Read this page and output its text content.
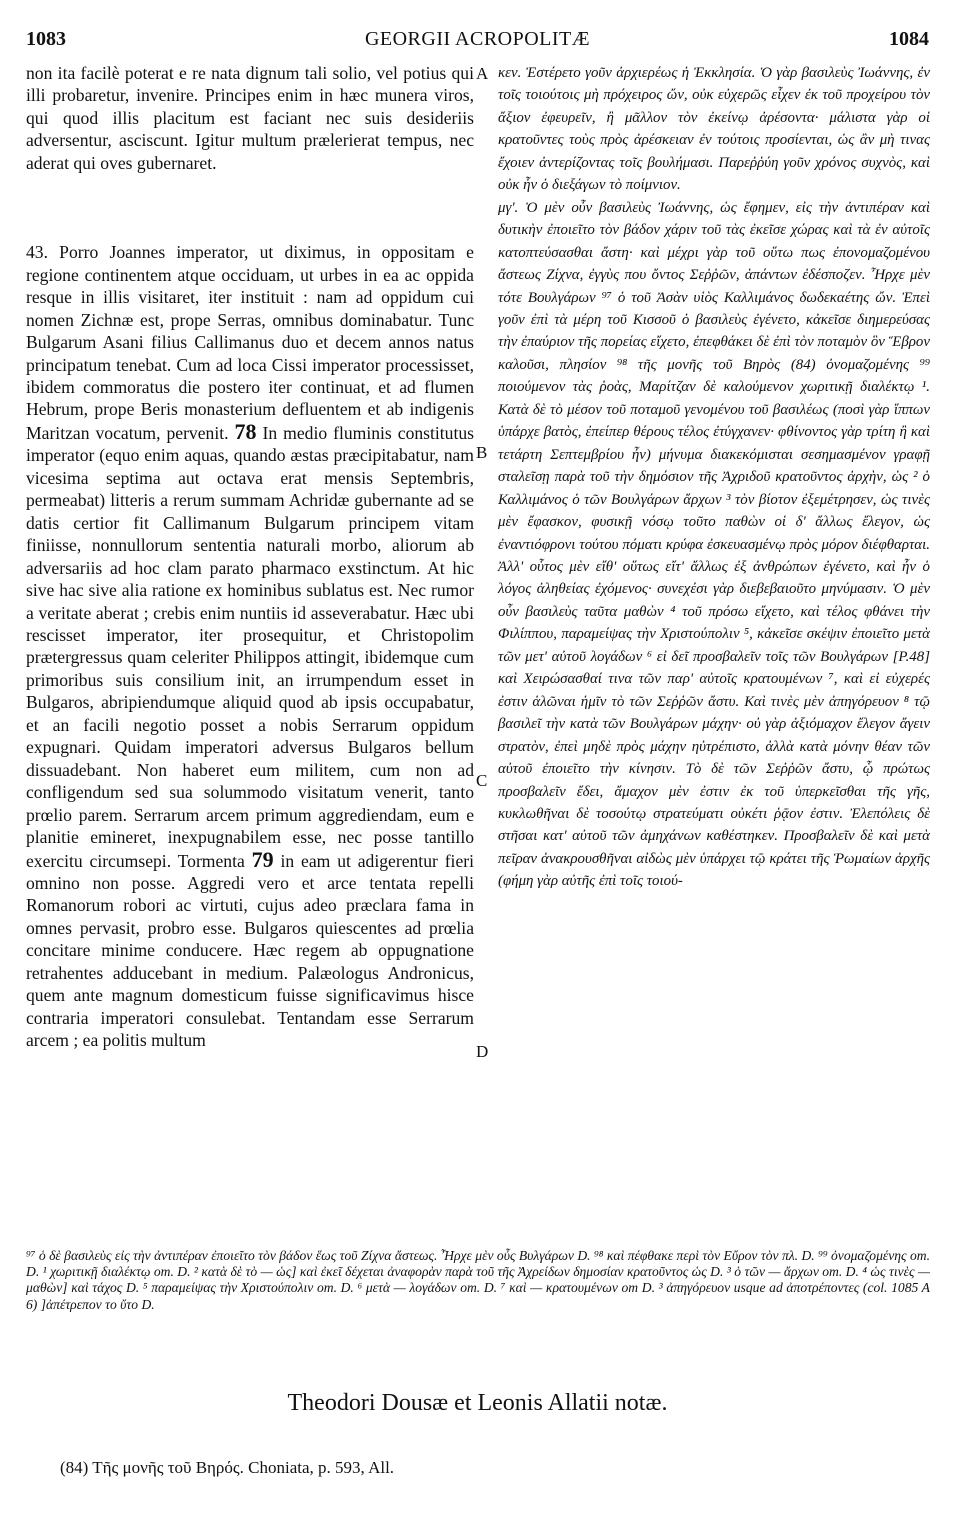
1083	GEORGII ACROPOLITÆ	1084

non ita facilè poterat e re nata dignum tali solio, vel potius qui illi probaretur, invenire. Principes enim in hæc munera viros, qui quod illis placitum est faciant nec suis desideriis adversentur, asciscunt. Igitur multum prælerierat tempus, nec aderat qui oves gubernaret.

43. Porro Joannes imperator, ut diximus, in oppositam e regione continentem atque occiduam, ut urbes in ea ac oppida resque in illis visitaret, iter instituit : nam ad oppidum cui nomen Zichnæ est, prope Serras, omnibus dominabatur. Tunc Bulgarum Asani filius Callimanus duo et decem annos natus principatum tenebat. Cum ad loca Cissi imperator processisset, ibidem commoratus die postero iter continuat, et ad flumen Hebrum, prope Beris monasterium defluentem et ab indigenis Maritzan vocatum, pervenit. 78 In medio fluminis constitutus imperator (equo enim aquas, quando æstas præcipitabatur, nam vicesima septima aut octava erat mensis Septembris, permeabat) litteris a rerum summam Achridæ gubernante ad se datis certior fit Callimanum Bulgarum principem vitam finiisse, nonnullorum sententia naturali morbo, aliorum ab adversariis ad hoc clam parato pharmaco exstinctum. At hic sive hac sive alia ratione ex hominibus sublatus est. Nec rumor a veritate aberat ; crebis enim nuntiis id asseverabatur. Hæc ubi rescisset imperator, iter prosequitur, et Christopolim prætergressus quam celeriter Philippos attingit, ibidemque cum primoribus suis consilium init, an irrumpendum esset in Bulgaros, abripiendumque aliquid quod ab ipsis occupabatur, et an facili negotio posset a nobis Serrarum oppidum expugnari. Quidam imperatori adversus Bulgaros bellum dissuadebant. Non haberet eum militem, cum non ad confligendum sed sua solummodo visitatum venerit, tanto prœlio parem. Serrarum arcem primum aggrediendam, eum e planitie emineret, inexpugnabilem esse, nec posse tantillo exercitu circumsepi. Tormenta 79 in eam ut adigerentur fieri omnino non posse. Aggredi vero et arce tentata repelli Romanorum robori ac virtuti, cujus adeo præclara fama in omnes pervasit, probro esse. Bulgaros quiescentes ad prœlia concitare minime conducere. Hæc regem ab oppugnatione retrahentes adducebant in medium. Palæologus Andronicus, quem ante magnum domesticum fuisse significavimus hisce contraria imperatori consulebat. Tentandam esse Serrarum arcem ; ea politis multum

A
B
C
D

κεν. Ἐστέρετο γοῦν ἀρχιερέως ἡ Ἐκκλησία. Ὁ γὰρ βασιλεὺς Ἰωάννης, ἐν τοῖς τοιούτοις μὴ πρόχειρος ὤν, οὐκ εὐχερῶς εἶχεν ἐκ τοῦ προχείρου τὸν ἄξιον ἐφευρεῖν, ἢ μᾶλλον τὸν ἐκείνῳ ἀρέσοντα· μάλιστα γὰρ οἱ κρατοῦντες τοὺς πρὸς ἀρέσκειαν ἐν τούτοις προσίενται, ὡς ἂν μὴ τινας ἔχοιεν ἀντερίζοντας τοῖς βουλήμασι. Παρεῤῥύη γοῦν χρόνος συχνὸς, καὶ οὐκ ἦν ὁ διεξάγων τὸ ποίμνιον.

μγʹ. Ὁ μὲν οὖν βασιλεὺς Ἰωάννης, ὡς ἔφημεν, εἰς τὴν ἀντιπέραν καὶ δυτικὴν ἐποιεῖτο τὸν βάδον χάριν τοῦ τὰς ἐκεῖσε χώρας καὶ τὰ ἐν αὐτοῖς κατοπτεύσασθαι ἄστη· καὶ μέχρι γὰρ τοῦ οὕτω πως ἐπονομαζομένου ἄστεως Ζίχνα, ἐγγὺς που ὄντος Σεῤῥῶν, ἁπάντων ἐδέσποζεν. Ἦρχε μὲν τότε Βουλγάρων ⁹⁷ ὁ τοῦ Ἀσὰν υἱὸς Καλλιμάνος δωδεκαέτης ὤν. Ἐπεὶ γοῦν ἐπὶ τὰ μέρη τοῦ Κισσοῦ ὁ βασιλεὺς ἐγένετο, κἀκεῖσε διημερεύσας τὴν ἐπαύριον τῆς πορείας εἴχετο, ἐπεφθάκει δὲ ἐπὶ τὸν ποταμὸν ὃν Ἕβρον καλοῦσι, πλησίον ⁹⁸ τῆς μονῆς τοῦ Βηρὸς (84) ὀνομαζομένης ⁹⁹ ποιούμενον τὰς ῥοὰς, Μαρίτζαν δὲ καλούμενον χωριτικῇ διαλέκτῳ ¹. Κατὰ δὲ τὸ μέσον τοῦ ποταμοῦ γενομένου τοῦ βασιλέως (ποσὶ γὰρ ἵππων ὑπάρχε βατὸς, ἐπείπερ θέρους τέλος ἐτύγχανεν· φθίνοντος γὰρ τρίτη ἢ καὶ τετάρτη Σεπτεμβρίου ἦν) μήνυμα διακεκόμισται σεσημασμένον γραφῇ σταλεῖσῃ παρὰ τοῦ τὴν δημόσιον τῆς Ἀχριδοῦ κρατοῦντος ἀρχὴν, ὡς ² ὁ Καλλιμάνος ὁ τῶν Βουλγάρων ἄρχων ³ τὸν βίοτον ἐξεμέτρησεν, ὡς τινὲς μὲν ἔφασκον, φυσικῇ νόσῳ τοῦτο παθὼν οἱ δ' ἄλλως ἔλεγον, ὡς ἐναντιόφρονι τούτου πόματι κρύφα ἐσκευασμένῳ πρὸς μόρον διέφθαρται. Ἀλλ' οὗτος μὲν εἴθ' οὕτως εἴτ' ἄλλως ἐξ ἀνθρώπων ἐγένετο, καὶ ἦν ὁ λόγος ἀληθείας ἐχόμενος· συνεχέσι γὰρ διεβεβαιοῦτο μηνύμασιν. Ὁ μὲν οὖν βασιλεὺς ταῦτα μαθὼν ⁴ τοῦ πρόσω εἴχετο, καὶ τέλος φθάνει τὴν Φιλίππου, παραμείψας τὴν Χριστούπολιν ⁵, κἀκεῖσε σκέψιν ἐποιεῖτο μετὰ τῶν μετ' αὐτοῦ λογάδων ⁶ εἰ δεῖ προσβαλεῖν τοῖς τῶν Βουλγάρων [P.48] καὶ Χειρώσασθαί τινα τῶν παρ' αὐτοῖς κρατουμένων ⁷, καὶ εἰ εὐχερές ἐστιν ἁλῶναι ἡμῖν τὸ τῶν Σεῤῥῶν ἄστυ. Καὶ τινὲς μὲν ἀπηγόρευον ⁸ τῷ βασιλεῖ τὴν κατὰ τῶν Βουλγάρων μάχην· οὐ γὰρ ἀξιόμαχον ἔλεγον ἄγειν στρατὸν, ἐπεὶ μηδὲ πρὸς μάχην ηὐτρέπιστο, ἀλλὰ κατὰ μόνην θέαν τῶν αὐτοῦ ἐποιεῖτο τὴν κίνησιν. Τὸ δὲ τῶν Σεῤῥῶν ἄστυ, ᾧ πρώτως προσβαλεῖν ἔδει, ἄμαχον μὲν ἐστιν ἐκ τοῦ ὑπερκεῖσθαι τῆς γῆς, κυκλωθῆναι δὲ τοσούτῳ στρατεύματι οὐκέτι ῥᾷον ἐστιν. Ἐλεπόλεις δὲ στῆσαι κατ' αὐτοῦ τῶν ἀμηχάνων καθέστηκεν. Προσβαλεῖν δὲ καὶ μετὰ πεῖραν ἀνακρουσθῆναι αἰδὼς μὲν ὑπάρχει τῷ κράτει τῆς Ῥωμαίων ἀρχῆς (φήμη γὰρ αὐτῆς ἐπὶ τοῖς τοιού-

⁹⁷ ὁ δὲ βασιλεὺς εἰς τὴν ἀντιπέραν ἐποιεῖτο τὸν βάδον ἕως τοῦ Ζίχνα ἄστεως. Ἦρχε μὲν οὖς Βυλγάρων D. ⁹⁸ καὶ πέφθακε περὶ τὸν Εὔρον τὸν πλ. D. ⁹⁹ ὀνομαζομένης om. D. ¹ χωριτικῇ διαλέκτῳ om. D. ² κατὰ δὲ τὸ — ὡς] καὶ ἐκεῖ δέχεται ἀναφορὰν παρὰ τοῦ τῆς Ἀχρείδων δημοσίαν κρατοῦντος ὡς D. ³ ὁ τῶν — ἄρχων om. D. ⁴ ὡς τινὲς — μαθὼν] καὶ τάχος D. ⁵ παραμείψας τὴν Χριστούπολιν om. D. ⁶ μετὰ — λογάδων om. D. ⁷ καὶ — κρατουμένων om D. ³ ἀπηγόρευον usque ad ἀποτρέποντες (col. 1085 A 6) ]ἀπέτρεπον το ὔτο D.

Theodori Dousæ et Leonis Allatii notæ.
(84) Τῆς μονῆς τοῦ Βηρός. Choniata, p. 593, All.
